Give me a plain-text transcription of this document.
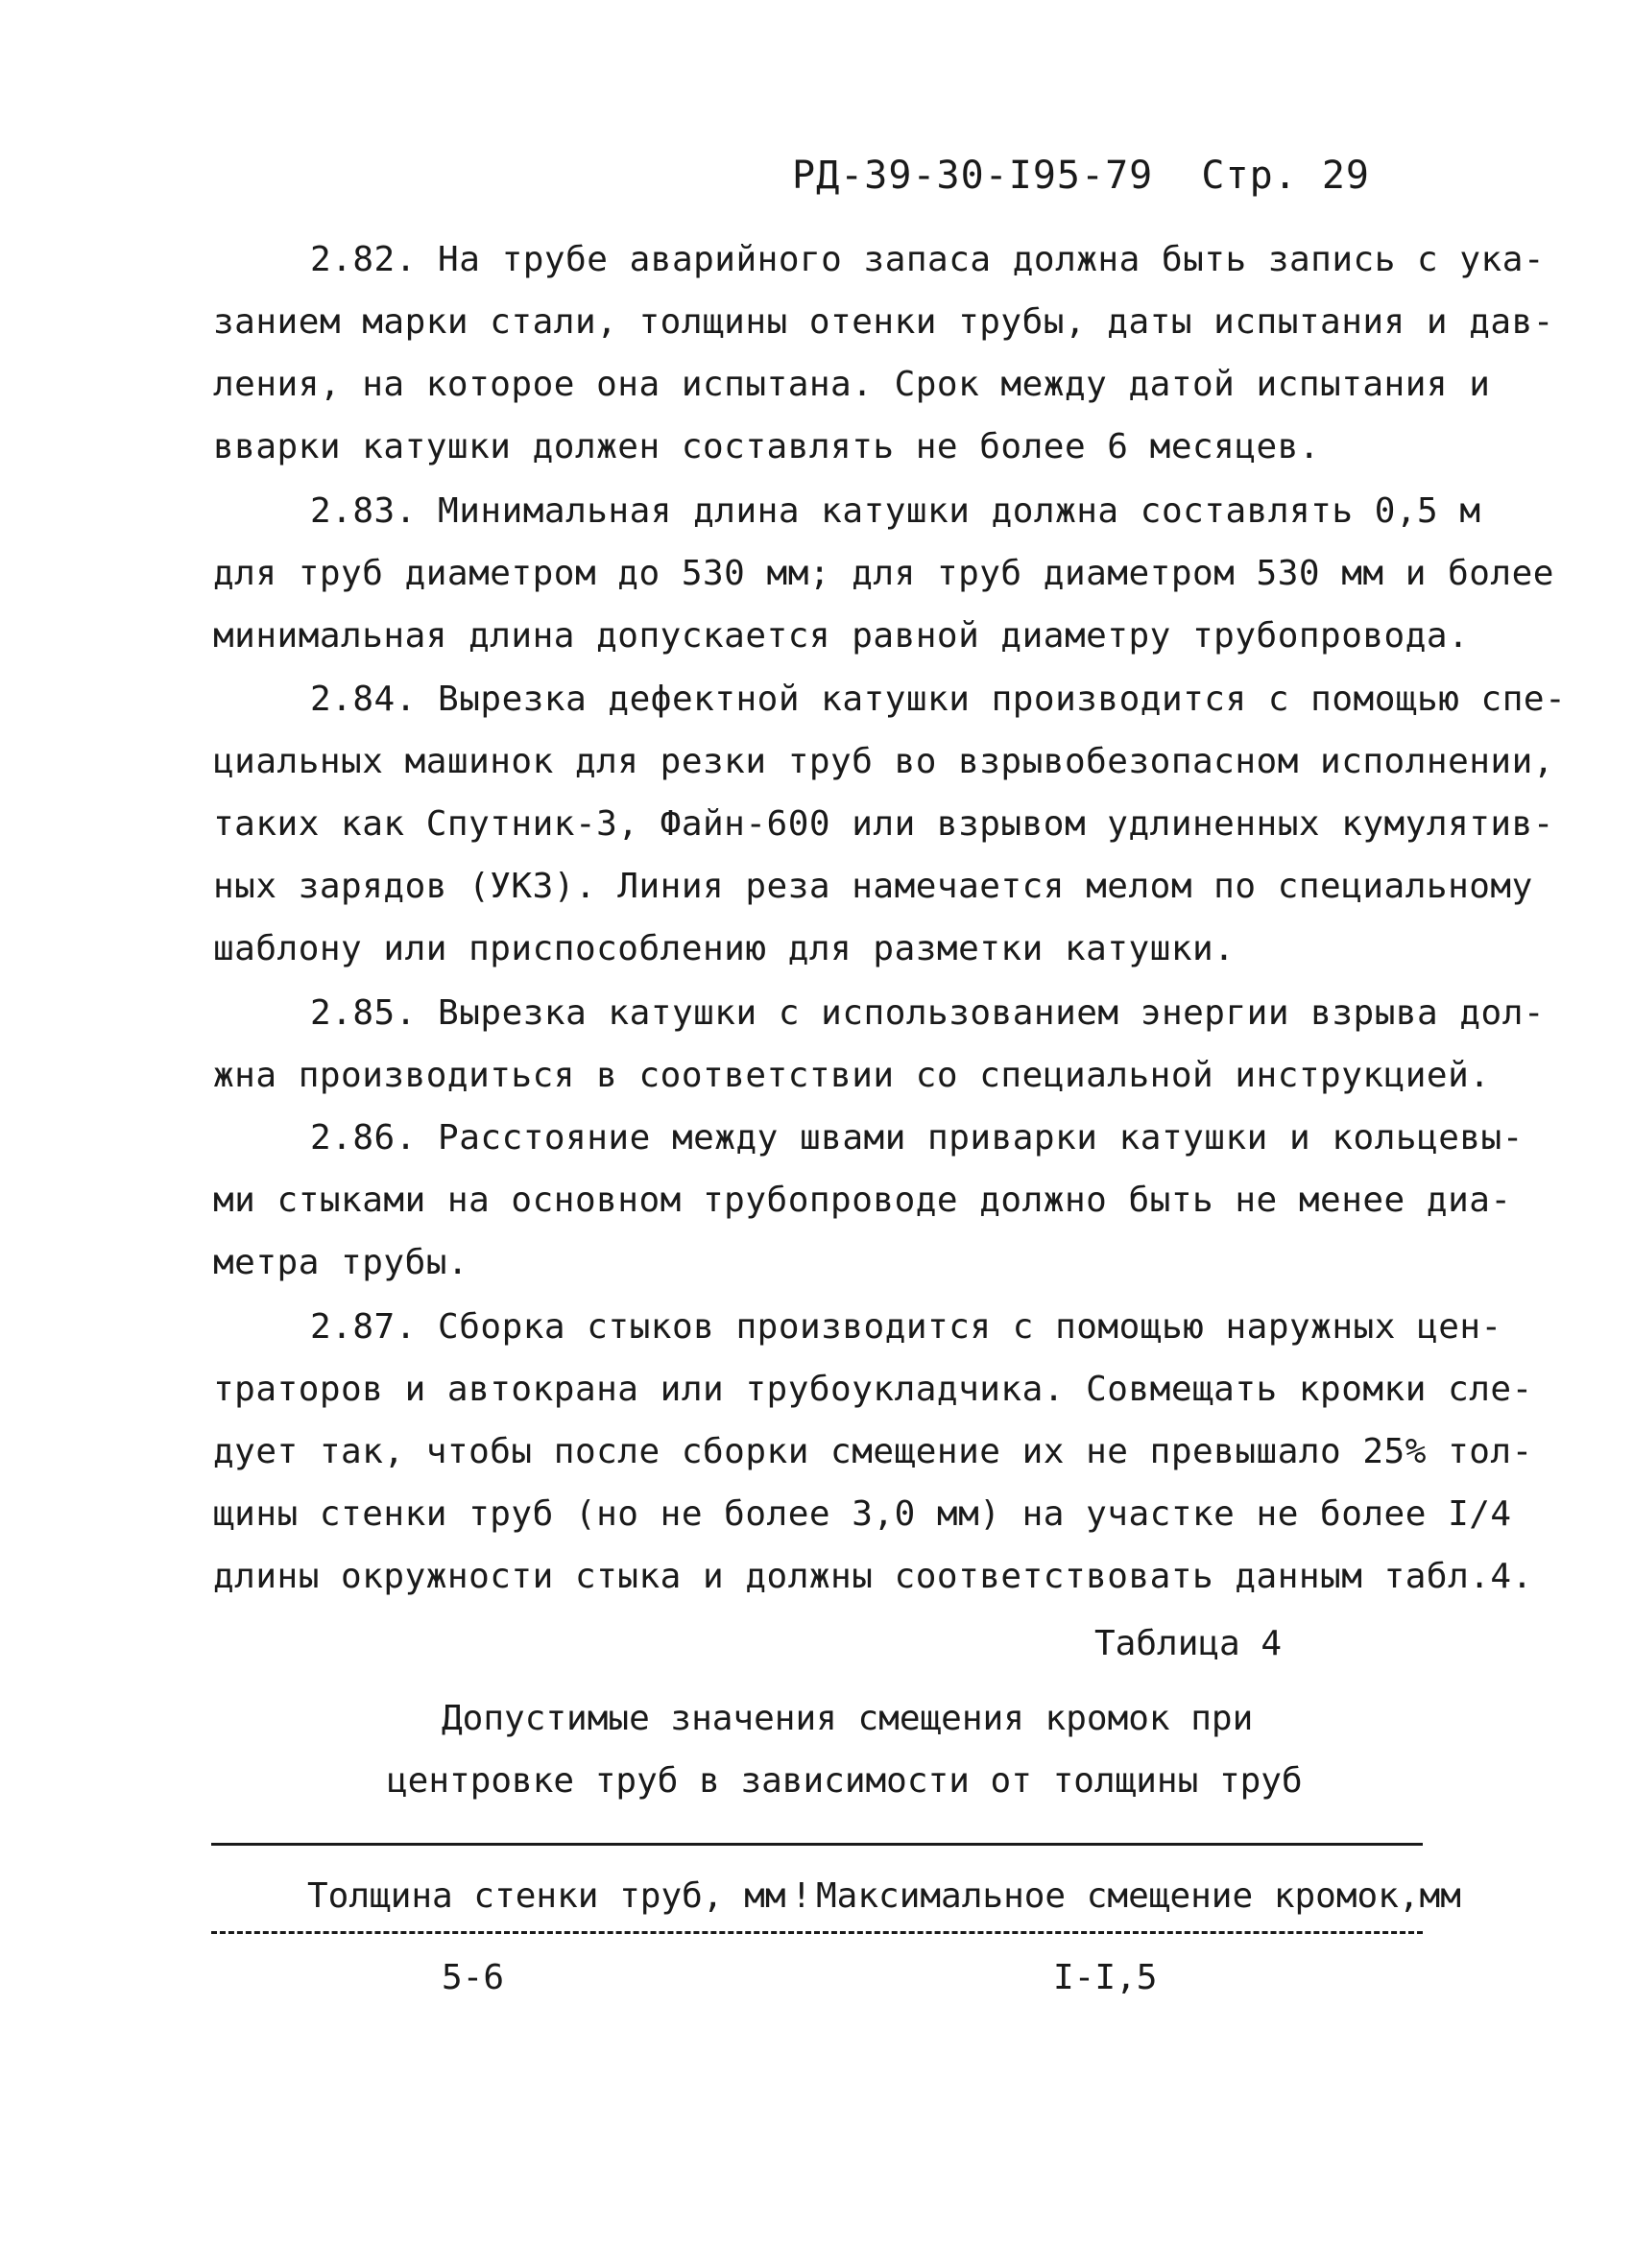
РД-39-30-I95-79 Стр. 29
2.82. На трубе аварийного запаса должна быть запись с ука-
занием марки стали, толщины отенки трубы, даты испытания и дав-
ления, на которое она испытана. Срок между датой испытания и
вварки катушки должен составлять не более 6 месяцев.
2.83. Минимальная длина катушки должна составлять 0,5 м
для труб диаметром до 530 мм; для труб диаметром 530 мм и более
минимальная длина допускается равной диаметру трубопровода.
2.84. Вырезка дефектной катушки производится с помощью спе-
циальных машинок для резки труб во взрывобезопасном исполнении,
таких как Спутник-3, Файн-600 или взрывом удлиненных кумулятив-
ных зарядов (УКЗ). Линия реза намечается мелом по специальному
шаблону или приспособлению для разметки катушки.
2.85. Вырезка катушки с использованием энергии взрыва дол-
жна производиться в соответствии со специальной инструкцией.
2.86. Расстояние между швами приварки катушки и кольцевы-
ми стыками на основном трубопроводе должно быть не менее диа-
метра трубы.
2.87. Сборка стыков производится с помощью наружных цен-
траторов и автокрана или трубоукладчика. Совмещать кромки сле-
дует так, чтобы после сборки смещение их не превышало 25% тол-
щины стенки труб (но не более 3,0 мм) на участке не более I/4
длины окружности стыка и должны соответствовать данным табл.4.
Таблица 4
Допустимые значения смещения кромок при
центровке труб в зависимости от толщины труб
Толщина стенки труб, мм ! Максимальное смещение кромок,мм
5-6	I-I,5
